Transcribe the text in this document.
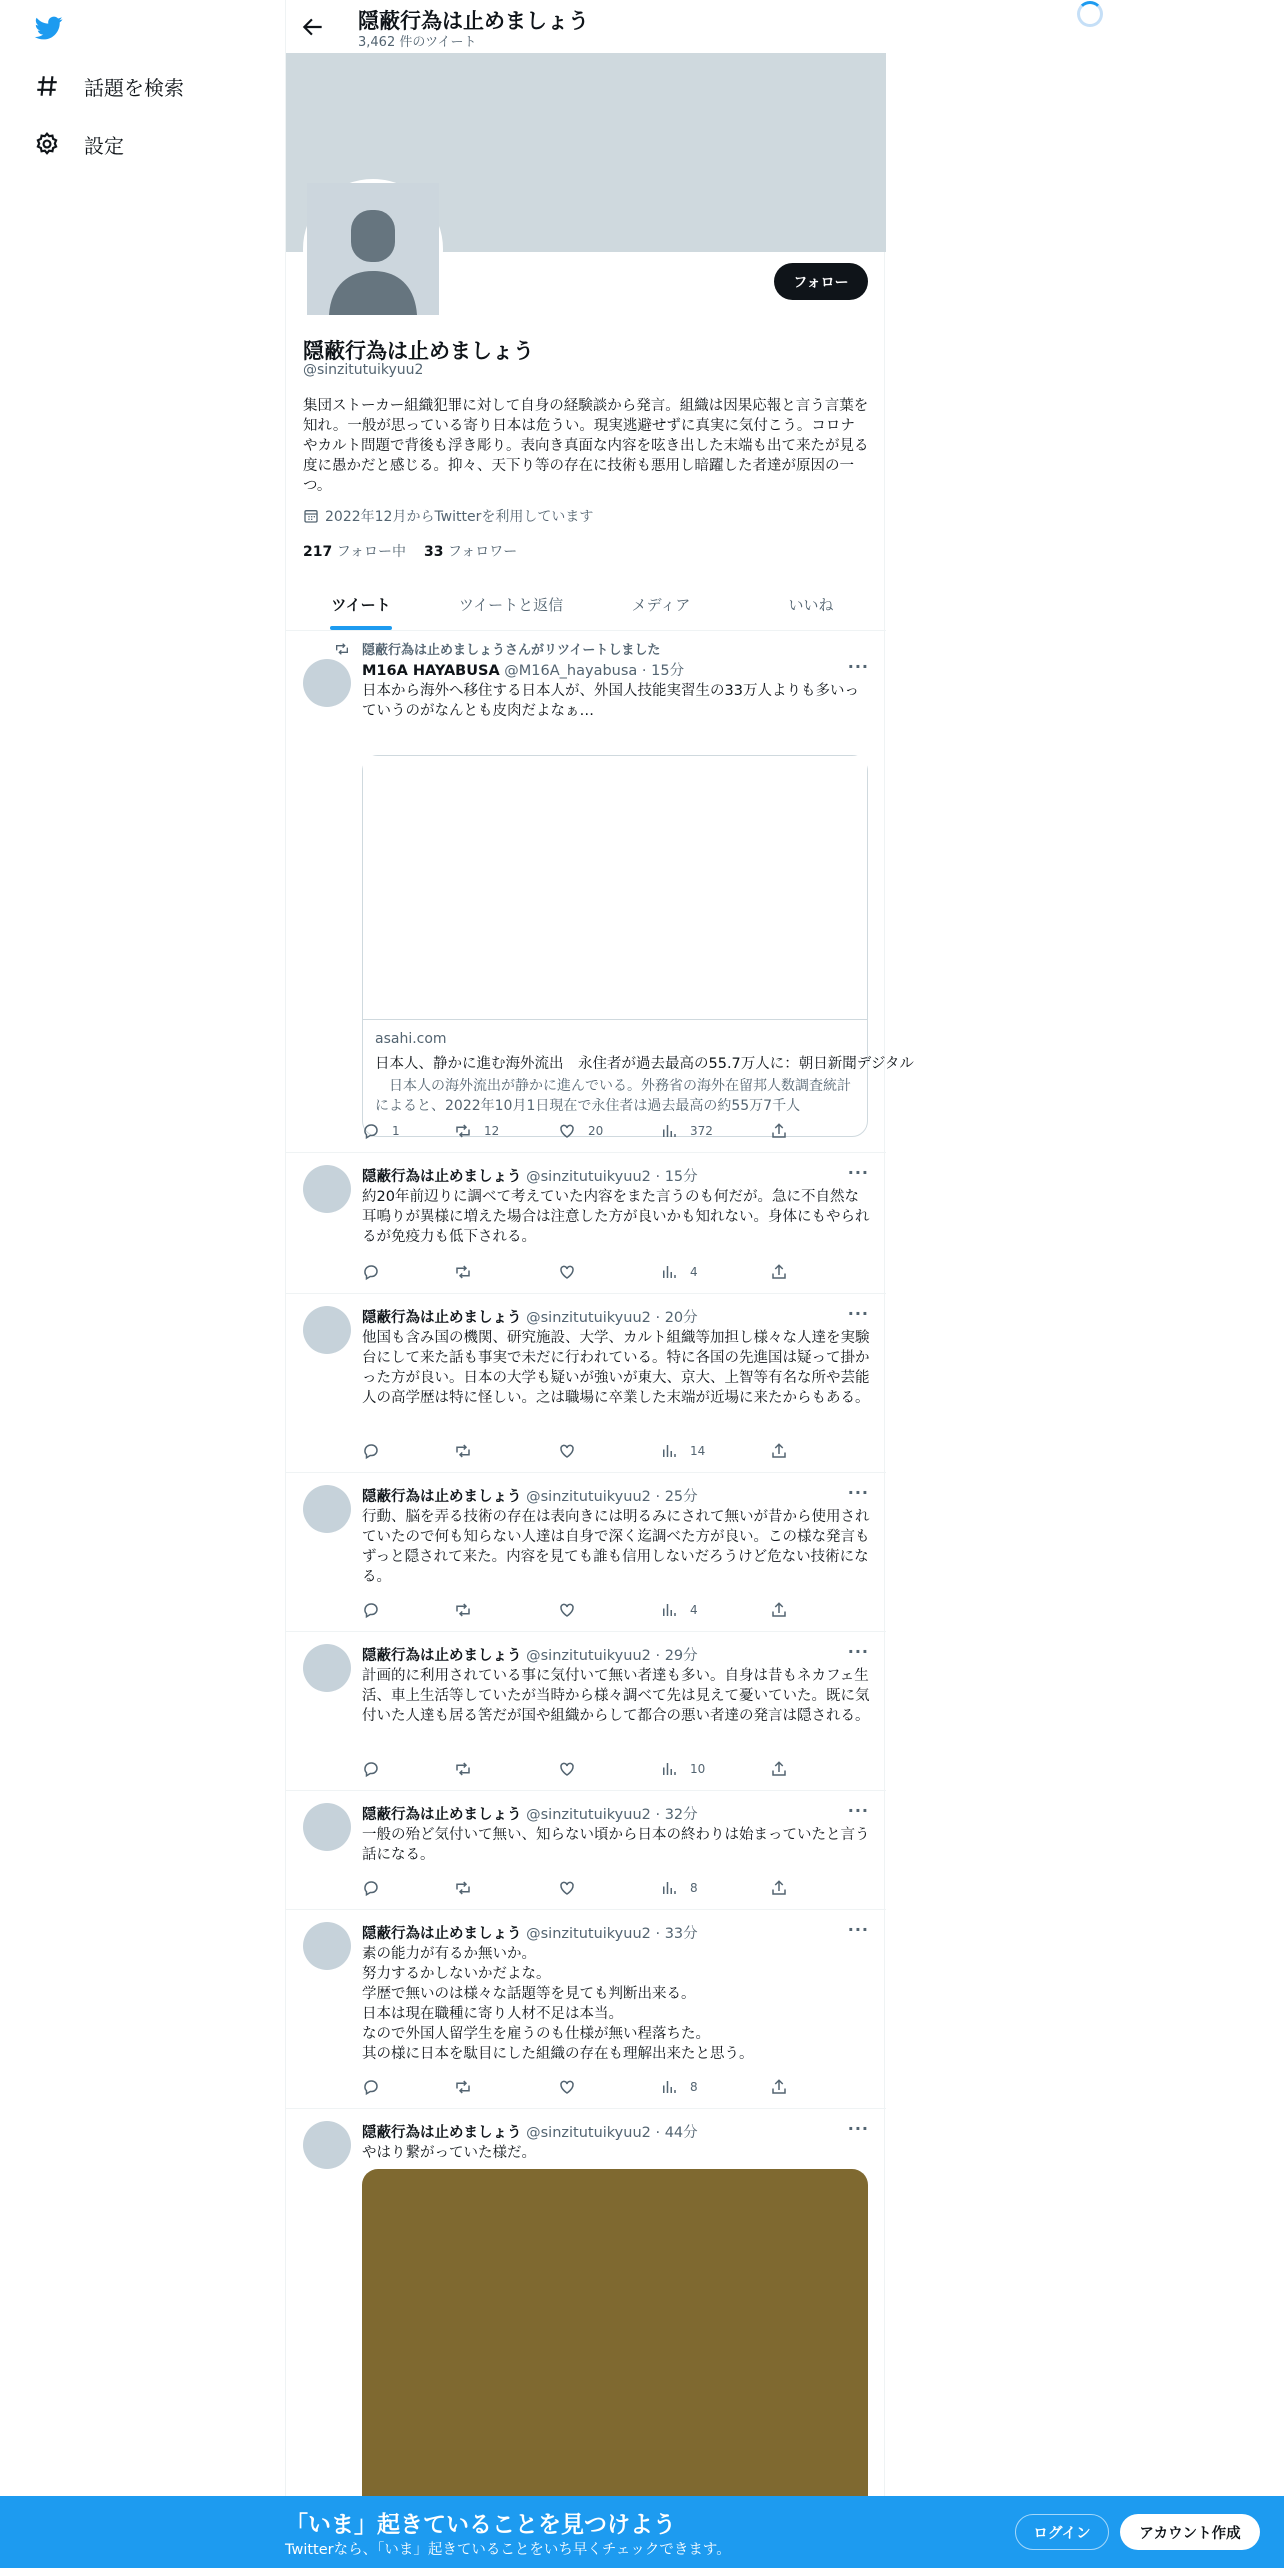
話題を検索
設定
隠蔽行為は止めましょう
3,462 件のツイート
フォロー
隠蔽行為は止めましょう
@sinzitutuikyuu2
集団ストーカー組織犯罪に対して自身の経験談から発言。組織は因果応報と言う言葉を知れ。一般が思っている寄り日本は危うい。現実逃避せずに真実に気付こう。コロナやカルト問題で背後も浮き彫り。表向き真面な内容を呟き出した末端も出て来たが見る度に愚かだと感じる。抑々、天下り等の存在に技術も悪用し暗躍した者達が原因の一つ。
2022年12月からTwitterを利用しています
217 フォロー中 33 フォロワー
ツイート	ツイートと返信	メディア	いいね
隠蔽行為は止めましょうさんがリツイートしました
M16A HAYABUSA @M16A_hayabusa · 15分	···
日本から海外へ移住する日本人が、外国人技能実習生の33万人よりも多いっていうのがなんとも皮肉だよなぁ…
asahi.com
日本人、静かに進む海外流出　永住者が過去最高の55.7万人に：朝日新聞デジタル
　日本人の海外流出が静かに進んでいる。外務省の海外在留邦人数調査統計によると、2022年10月1日現在で永住者は過去最高の約55万7千人
1	12	20	372
隠蔽行為は止めましょう @sinzitutuikyuu2 · 15分	···
約20年前辺りに調べて考えていた内容をまた言うのも何だが。急に不自然な耳鳴りが異様に増えた場合は注意した方が良いかも知れない。身体にもやられるが免疫力も低下される。
4
隠蔽行為は止めましょう @sinzitutuikyuu2 · 20分	···
他国も含み国の機関、研究施設、大学、カルト組織等加担し様々な人達を実験台にして来た話も事実で未だに行われている。特に各国の先進国は疑って掛かった方が良い。日本の大学も疑いが強いが東大、京大、上智等有名な所や芸能人の高学歴は特に怪しい。之は職場に卒業した末端が近場に来たからもある。
14
隠蔽行為は止めましょう @sinzitutuikyuu2 · 25分	···
行動、脳を弄る技術の存在は表向きには明るみにされて無いが昔から使用されていたので何も知らない人達は自身で深く迄調べた方が良い。この様な発言もずっと隠されて来た。内容を見ても誰も信用しないだろうけど危ない技術になる。
4
隠蔽行為は止めましょう @sinzitutuikyuu2 · 29分	···
計画的に利用されている事に気付いて無い者達も多い。自身は昔もネカフェ生活、車上生活等していたが当時から様々調べて先は見えて憂いていた。既に気付いた人達も居る筈だが国や組織からして都合の悪い者達の発言は隠される。
10
隠蔽行為は止めましょう @sinzitutuikyuu2 · 32分	···
一般の殆ど気付いて無い、知らない頃から日本の終わりは始まっていたと言う話になる。
8
隠蔽行為は止めましょう @sinzitutuikyuu2 · 33分	···
素の能力が有るか無いか。
努力するかしないかだよな。
学歴で無いのは様々な話題等を見ても判断出来る。
日本は現在職種に寄り人材不足は本当。
なので外国人留学生を雇うのも仕様が無い程落ちた。
其の様に日本を駄目にした組織の存在も理解出来たと思う。
8
隠蔽行為は止めましょう @sinzitutuikyuu2 · 44分	···
やはり繋がっていた様だ。
「いま」起きていることを見つけよう
Twitterなら、「いま」起きていることをいち早くチェックできます。
ログイン	アカウント作成
